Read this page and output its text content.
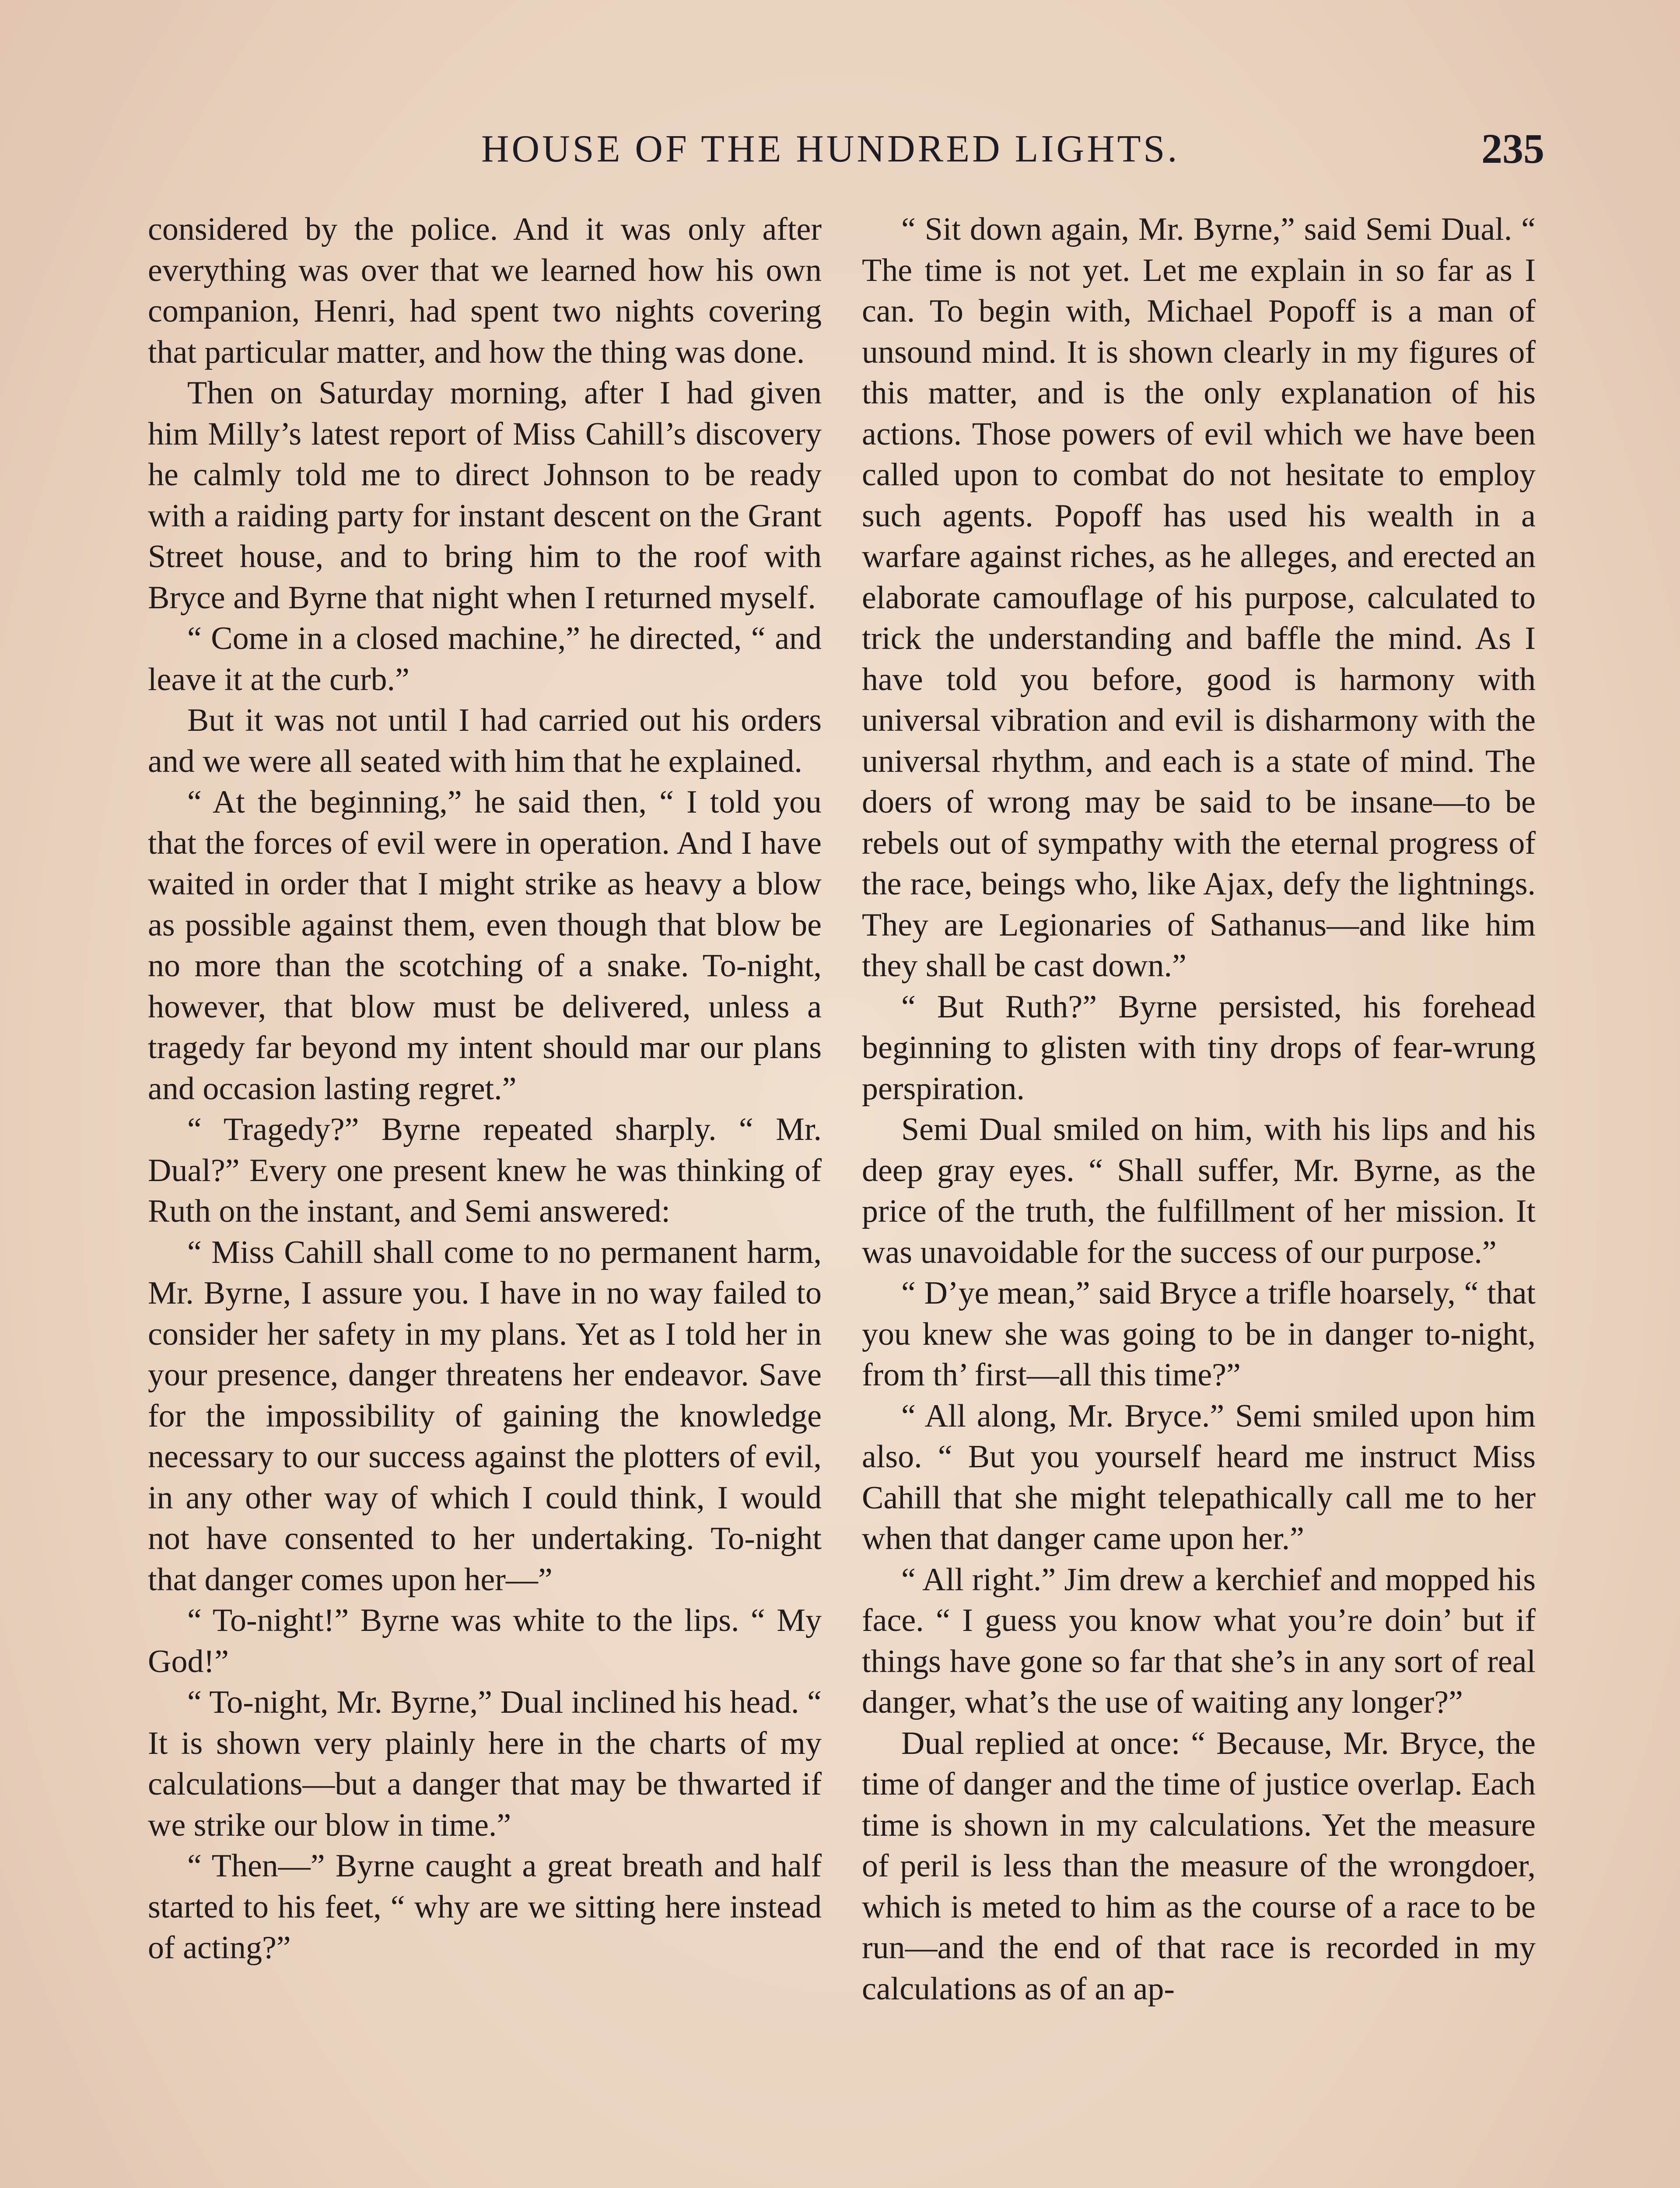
HOUSE OF THE HUNDRED LIGHTS.	235

considered by the police. And it was only after everything was over that we learned how his own companion, Henri, had spent two nights covering that particular matter, and how the thing was done.

Then on Saturday morning, after I had given him Milly’s latest report of Miss Cahill’s discovery he calmly told me to direct Johnson to be ready with a raiding party for instant descent on the Grant Street house, and to bring him to the roof with Bryce and Byrne that night when I returned myself.

“ Come in a closed machine,” he directed, “ and leave it at the curb.”

But it was not until I had carried out his orders and we were all seated with him that he explained.

“ At the beginning,” he said then, “ I told you that the forces of evil were in operation. And I have waited in order that I might strike as heavy a blow as possible against them, even though that blow be no more than the scotching of a snake. To-night, however, that blow must be delivered, unless a tragedy far beyond my intent should mar our plans and occasion lasting regret.”

“ Tragedy?” Byrne repeated sharply. “ Mr. Dual?” Every one present knew he was thinking of Ruth on the instant, and Semi answered:

“ Miss Cahill shall come to no permanent harm, Mr. Byrne, I assure you. I have in no way failed to consider her safety in my plans. Yet as I told her in your presence, danger threatens her endeavor. Save for the impossibility of gaining the knowledge necessary to our success against the plotters of evil, in any other way of which I could think, I would not have consented to her undertaking. To-night that danger comes upon her—”

“ To-night!” Byrne was white to the lips. “ My God!”

“ To-night, Mr. Byrne,” Dual inclined his head. “ It is shown very plainly here in the charts of my calculations—but a danger that may be thwarted if we strike our blow in time.”

“ Then—” Byrne caught a great breath and half started to his feet, “ why are we sitting here instead of acting?”

“ Sit down again, Mr. Byrne,” said Semi Dual. “ The time is not yet. Let me explain in so far as I can. To begin with, Michael Popoff is a man of unsound mind. It is shown clearly in my figures of this matter, and is the only explanation of his actions. Those powers of evil which we have been called upon to combat do not hesitate to employ such agents. Popoff has used his wealth in a warfare against riches, as he alleges, and erected an elaborate camouflage of his purpose, calculated to trick the understanding and baffle the mind. As I have told you before, good is harmony with universal vibration and evil is disharmony with the universal rhythm, and each is a state of mind. The doers of wrong may be said to be insane—to be rebels out of sympathy with the eternal progress of the race, beings who, like Ajax, defy the lightnings. They are Legionaries of Sathanus—and like him they shall be cast down.”

“ But Ruth?” Byrne persisted, his forehead beginning to glisten with tiny drops of fear-wrung perspiration.

Semi Dual smiled on him, with his lips and his deep gray eyes. “ Shall suffer, Mr. Byrne, as the price of the truth, the fulfillment of her mission. It was unavoidable for the success of our purpose.”

“ D’ye mean,” said Bryce a trifle hoarsely, “ that you knew she was going to be in danger to-night, from th’ first—all this time?”

“ All along, Mr. Bryce.” Semi smiled upon him also. “ But you yourself heard me instruct Miss Cahill that she might telepathically call me to her when that danger came upon her.”

“ All right.” Jim drew a kerchief and mopped his face. “ I guess you know what you’re doin’ but if things have gone so far that she’s in any sort of real danger, what’s the use of waiting any longer?”

Dual replied at once: “ Because, Mr. Bryce, the time of danger and the time of justice overlap. Each time is shown in my calculations. Yet the measure of peril is less than the measure of the wrongdoer, which is meted to him as the course of a race to be run—and the end of that race is recorded in my calculations as of an ap-
